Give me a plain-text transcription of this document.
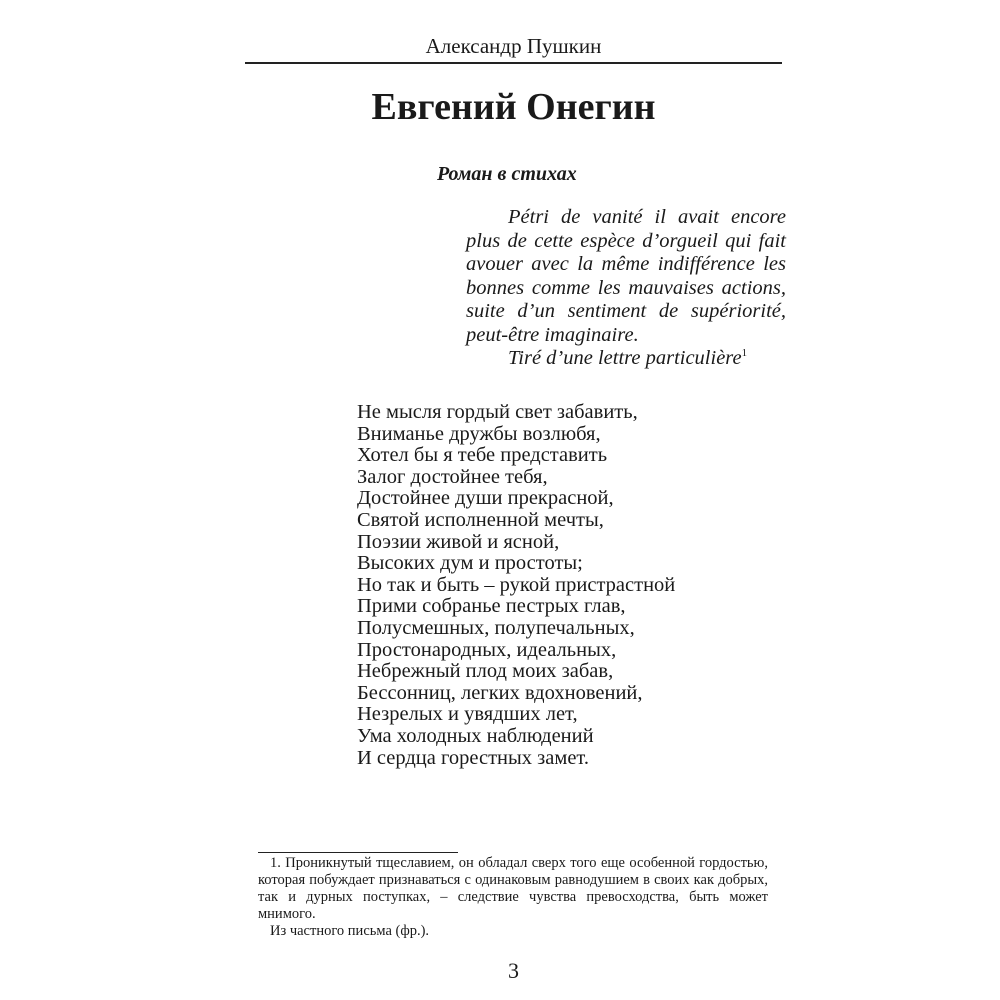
Александр Пушкин
Евгений Онегин
Роман в стихах

Pétri de vanité il avait encore plus de cette espèce d’orgueil qui fait avouer avec la même indifférence les bonnes comme les mauvaises actions, suite d’un sentiment de supériorité, peut-être imaginaire.

Tiré d’une lettre particulière$^1$

Не мысля гордый свет забавить,
Вниманье дружбы возлюбя,
Хотел бы я тебе представить
Залог достойнее тебя,
Достойнее души прекрасной,
Святой исполненной мечты,
Поэзии живой и ясной,
Высоких дум и простоты;
Но так и быть – рукой пристрастной
Прими собранье пестрых глав,
Полусмешных, полупечальных,
Простонародных, идеальных,
Небрежный плод моих забав,
Бессонниц, легких вдохновений,
Незрелых и увядших лет,
Ума холодных наблюдений
И сердца горестных замет.

1. Проникнутый тщеславием, он обладал сверх того еще особенной гордостью, которая побуждает признаваться с одинаковым равнодушием в своих как добрых, так и дурных поступках, – следствие чувства превосходства, быть может мнимого.

Из частного письма (фр.).

3
